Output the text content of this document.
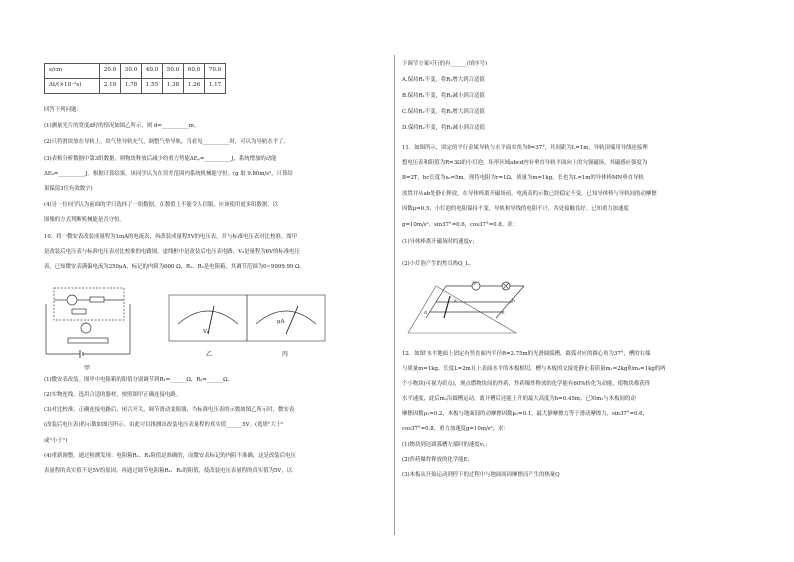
s/cm	20.0	30.0	40.0	50.0	60.0	70.0
Δt/(×10⁻³s)	2.19	1.78	1.55	1.38	1.26	1.17
回答下列问题：
(1)测量光片的宽度d时的情况如图乙所示，则 d=__________m。
(2)只将滑块放在导轨上，给气垫导轨充气，调整气垫导轨，当看见__________时，可认为导轨水平了。
(3)表格分析数据中第3组数据，则物块释放后减少的重力势能ΔEₚ=__________J，系统增加的动能
ΔEₖ=__________J。根据计算结果，该同学认为在误差范围内系统机械能守恒。(g 取 9.80m/s²，计算结
果保留3位有效数字)
(4)另一位同学认为前面的学只选择了一组数据，在数值上不能令人信服，应该使用更多组数据，以
图像的方式判断机械能是否守恒。
10．将一微安表改装成量程为1mA的电流表，再改装成量程5V的电压表，并与标准电压表对比校准。图甲
是改装后电压表与标准电压表对比校准的电路图。虚线框中是改装后电压表电路，V₀是量程为6V的标准电压
表。已知微安表满偏电流为250μA，标记的内阻为600 Ω，R₁、R₂是电阻箱，其调节范围为0~9999.99 Ω。
甲
V₀
乙
μA
丙
(1)微安表改装。图甲中电阻箱的阻值分别调节到R₁=______Ω，R₂=______Ω。
(2)实物连线。选用合适的器材，按照图甲正确连接电路。
(3)对比校准。正确连接电路后，闭合开关，调节滑动变阻器，当标准电压表的示数如图乙所示时，微安表
(改装后电压表)的示数如图丙所示。由此可以推测出改装电压表量程的真实值______5V。(选填"大于"
或"小于")
(4)重新调整。通过检测发现：电阻箱R₁、R₂阻值是准确的，而微安表标记的内阻不准确，这是改装后电压
表量程的真实值不是5V的原因。再通过调节电阻箱R₁、R₂的阻值，使改装电压表量程的真实值为5V，以
下调节方案可行的有______(填序号)
A.保持R₁不变，将R₂增大到合适值
B.保持R₁不变，将R₂减小到合适值
C.保持R₂不变，将R₁增大到合适值
D.保持R₂不变，将R₁减小到合适值
11．如图所示，固定的平行金属导轨与水平面夹角为θ=37°，其间距为L=1m，导轨顶端用导线连接理
想电压表和阻值为R=3Ω的小灯泡，矩形区域abcd内有垂直导轨平面向上的匀强磁场，其磁感应强度为
B=2T，bc长度为s₀=5m。现将电阻为r=1Ω，质量为m=1kg，长也为L=1m的导体棒MN垂直导轨
放置并从ab处静止释放，在导体棒离开磁场前，电流表的示数已经稳定不变。已知导体棒与导轨间的动摩擦
因数μ=0.5，小灯泡的电阻保持不变，导轨和导线的电阻不计，各处接触良好。已知重力加速度
g=10m/s²，sin37°=0.6，cos37°=0.8。求：
(1)导体棒离开磁场时的速度v；
(2)小灯泡产生的焦耳热Q_L。
V
a	b
c
d
12．如图'水平地面上固定有竖直面内半径R=2.75m的光滑圆弧槽，圆弧对应的圆心角为37°，槽的右端
与质量m=1kg、长度L=2m且上表面水平的木板相切，槽与木板的交接处静止着质量m₁=2kg和m₂=1kg的两
个小物块(可视为质点)，现点燃物块间的炸药，炸药爆炸释放的化学能有60%转化为动能，使物块都获得
水平速度，此后m₁沿圆槽运动，离开槽后还能上升的最大高度为h=0.45m。已知m₂与木板间的动
摩擦因数μ₁=0.2，木板与地面间的动摩擦因数μ₂=0.1，最大静摩擦力等于滑动摩擦力，sin37°=0.6，
cos37°=0.8，重力加速度g=10m/s²，求：
(1)物块到达圆弧槽左端时的速度v₁；
(2)炸药爆炸释放的化学能E；
(3)木板从开始运动到停下的过程中与地面间因摩擦而产生的热量Q
